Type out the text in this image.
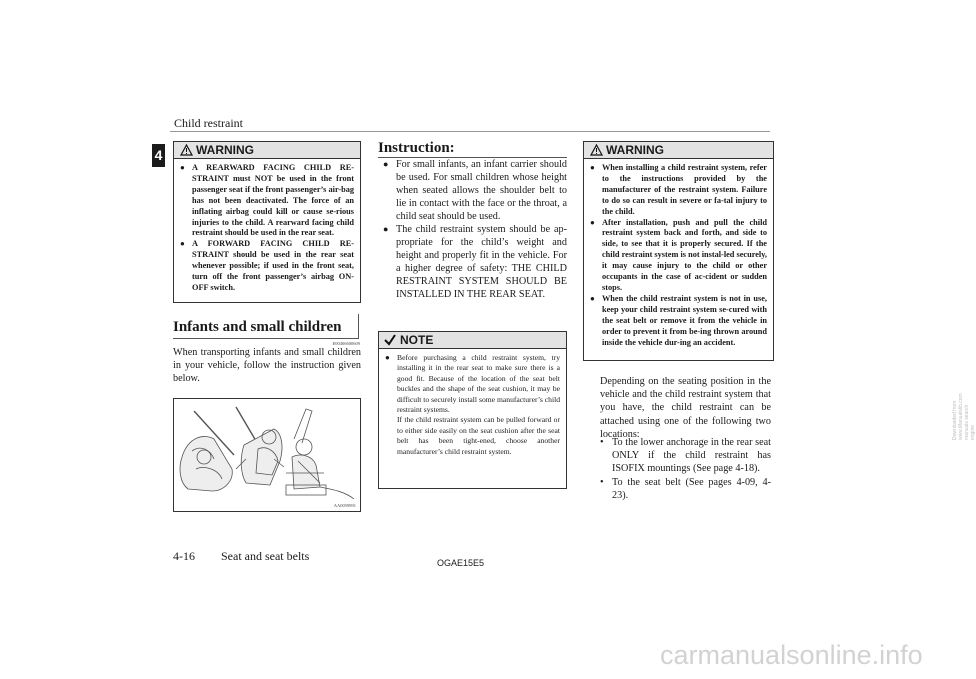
Child restraint
4	WARNING
● A REARWARD FACING CHILD RE-STRAINT must NOT be used in the front passenger seat if the front passenger’s air-bag has not been deactivated. The force of an inflating airbag could kill or cause se-rious injuries to the child. A rearward facing child restraint should be used in the rear seat.
● A FORWARD FACING CHILD RE-STRAINT should be used in the rear seat whenever possible; if used in the front seat, turn off the front passenger’s airbag ON-OFF switch.
Infants and small children
E00406600609
When transporting infants and small children in your vehicle, follow the instruction given below.
AA0059891
Instruction:
● For small infants, an infant carrier should be used. For small children whose height when seated allows the shoulder belt to lie in contact with the face or the throat, a child seat should be used.
● The child restraint system should be ap-propriate for the child’s weight and height and properly fit in the vehicle. For a higher degree of safety: THE CHILD RESTRAINT SYSTEM SHOULD BE INSTALLED IN THE REAR SEAT.
NOTE
● Before purchasing a child restraint system, try installing it in the rear seat to make sure there is a good fit. Because of the location of the seat belt buckles and the shape of the seat cushion, it may be difficult to securely install some manufacturer’s child restraint systems.
If the child restraint system can be pulled forward or to either side easily on the seat cushion after the seat belt has been tight-ened, choose another manufacturer’s child restraint system.
WARNING
● When installing a child restraint system, refer to the instructions provided by the manufacturer of the restraint system. Failure to do so can result in severe or fa-tal injury to the child.
● After installation, push and pull the child restraint system back and forth, and side to side, to see that it is properly secured. If the child restraint system is not instal-led securely, it may cause injury to the child or other occupants in the case of ac-cident or sudden stops.
● When the child restraint system is not in use, keep your child restraint system se-cured with the seat belt or remove it from the vehicle in order to prevent it from be-ing thrown around inside the vehicle dur-ing an accident.
Depending on the seating position in the vehicle and the child restraint system that you have, the child restraint can be attached using one of the following two locations:
• To the lower anchorage in the rear seat ONLY if the child restraint has ISOFIX mountings (See page 4-18).
• To the seat belt (See pages 4-09, 4-23).
4-16 Seat and seat belts	OGAE15E5
carmanualsonline.info
Downloaded from www.Manualslib.com manuals search engine
